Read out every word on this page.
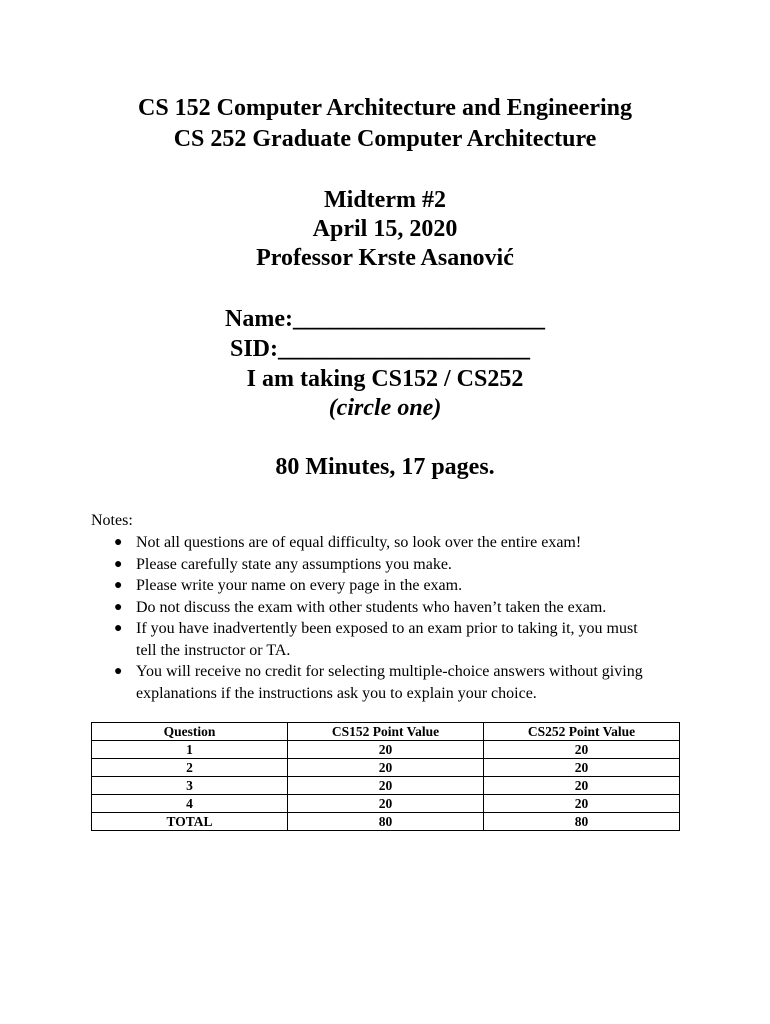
CS 152 Computer Architecture and Engineering
CS 252 Graduate Computer Architecture
Midterm #2
April 15, 2020
Professor Krste Asanović
Name:_____________________
SID:_____________________
I am taking CS152 / CS252
(circle one)
80 Minutes, 17 pages.
Notes:
● Not all questions are of equal difficulty, so look over the entire exam!
● Please carefully state any assumptions you make.
● Please write your name on every page in the exam.
● Do not discuss the exam with other students who haven’t taken the exam.
● If you have inadvertently been exposed to an exam prior to taking it, you must tell the instructor or TA.
● You will receive no credit for selecting multiple-choice answers without giving explanations if the instructions ask you to explain your choice.
Question	CS152 Point Value	CS252 Point Value
1	20	20
2	20	20
3	20	20
4	20	20
TOTAL	80	80
